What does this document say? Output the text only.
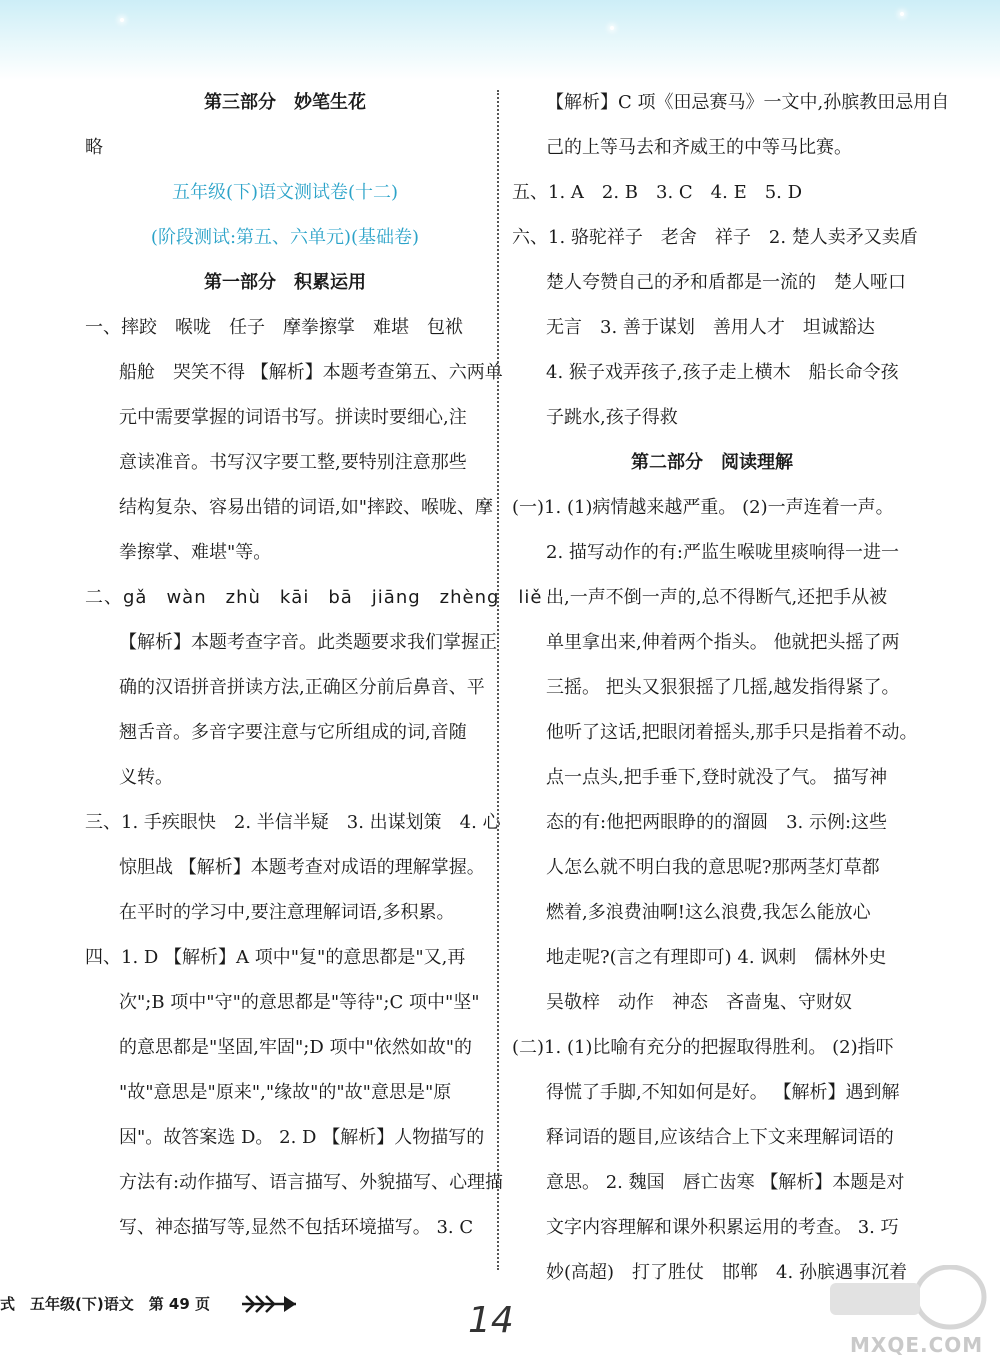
第三部分　妙笔生花
略
五年级(下)语文测试卷(十二)
(阶段测试:第五、六单元)(基础卷)
第一部分　积累运用
一、摔跤　喉咙　任子　摩拳擦掌　难堪　包袱
船舱　哭笑不得 【解析】本题考查第五、六两单
元中需要掌握的词语书写。拼读时要细心,注
意读准音。书写汉字要工整,要特别注意那些
结构复杂、容易出错的词语,如"摔跤、喉咙、摩
拳擦掌、难堪"等。
二、gǎ　wàn　zhù　kāi　bā　jiāng　zhèng　liě
【解析】本题考查字音。此类题要求我们掌握正
确的汉语拼音拼读方法,正确区分前后鼻音、平
翘舌音。多音字要注意与它所组成的词,音随
义转。
三、1. 手疾眼快　2. 半信半疑　3. 出谋划策　4. 心
惊胆战 【解析】本题考查对成语的理解掌握。
在平时的学习中,要注意理解词语,多积累。
四、1. D 【解析】A 项中"复"的意思都是"又,再
次";B 项中"守"的意思都是"等待";C 项中"坚"
的意思都是"坚固,牢固";D 项中"依然如故"的
"故"意思是"原来","缘故"的"故"意思是"原
因"。故答案选 D。 2. D 【解析】人物描写的
方法有:动作描写、语言描写、外貌描写、心理描
写、神态描写等,显然不包括环境描写。 3. C
【解析】C 项《田忌赛马》一文中,孙膑教田忌用自
己的上等马去和齐威王的中等马比赛。
五、1. A　2. B　3. C　4. E　5. D
六、1. 骆驼祥子　老舍　祥子　2. 楚人卖矛又卖盾
楚人夸赞自己的矛和盾都是一流的　楚人哑口
无言　3. 善于谋划　善用人才　坦诚豁达
4. 猴子戏弄孩子,孩子走上横木　船长命令孩
子跳水,孩子得救
第二部分　阅读理解
(一)1. (1)病情越来越严重。 (2)一声连着一声。
2. 描写动作的有:严监生喉咙里痰响得一进一
出,一声不倒一声的,总不得断气,还把手从被
单里拿出来,伸着两个指头。 他就把头摇了两
三摇。 把头又狠狠摇了几摇,越发指得紧了。
他听了这话,把眼闭着摇头,那手只是指着不动。
点一点头,把手垂下,登时就没了气。 描写神
态的有:他把两眼睁的的溜圆　3. 示例:这些
人怎么就不明白我的意思呢?那两茎灯草都
燃着,多浪费油啊!这么浪费,我怎么能放心
地走呢?(言之有理即可) 4. 讽刺　儒林外史
吴敬梓　动作　神态　吝啬鬼、守财奴
(二)1. (1)比喻有充分的把握取得胜利。 (2)指吓
得慌了手脚,不知如何是好。 【解析】遇到解
释词语的题目,应该结合上下文来理解词语的
意思。 2. 魏国　唇亡齿寒 【解析】本题是对
文字内容理解和课外积累运用的考查。 3. 巧
妙(高超)　打了胜仗　邯郸　4. 孙膑遇事沉着
式　五年级(下)语文　第 49 页	14
MXQE.COM
